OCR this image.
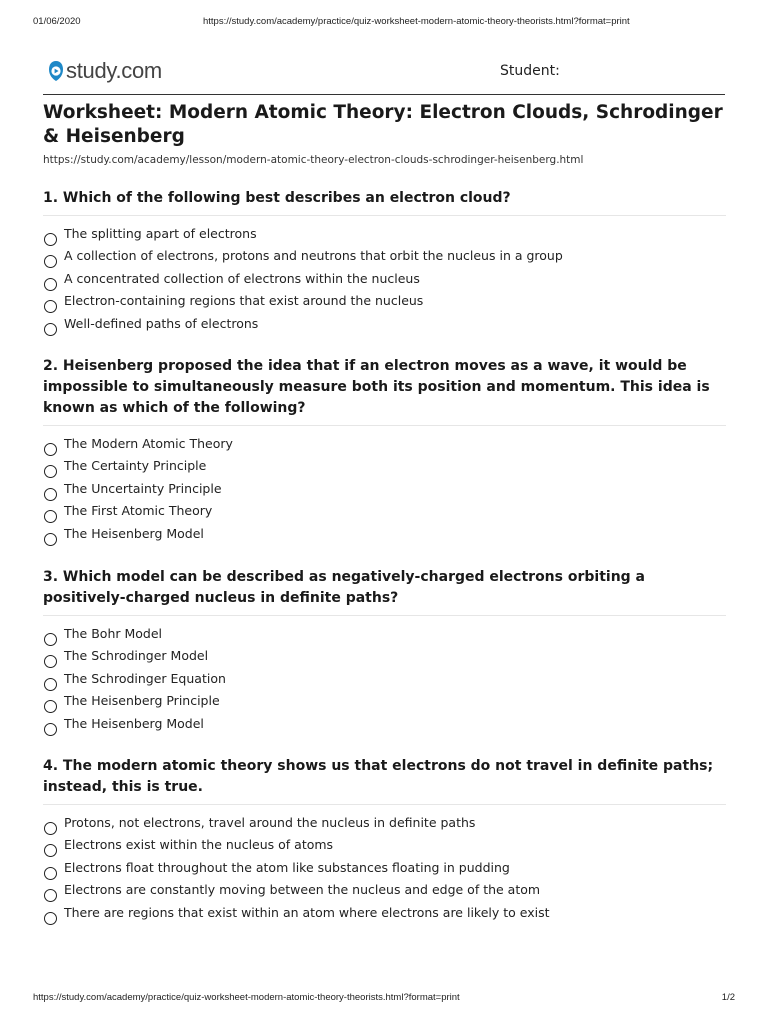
01/06/2020	https://study.com/academy/practice/quiz-worksheet-modern-atomic-theory-theorists.html?format=print
study.com	Student:
Worksheet: Modern Atomic Theory: Electron Clouds, Schrodinger & Heisenberg
https://study.com/academy/lesson/modern-atomic-theory-electron-clouds-schrodinger-heisenberg.html

1. Which of the following best describes an electron cloud?

The splitting apart of electrons
A collection of electrons, protons and neutrons that orbit the nucleus in a group
A concentrated collection of electrons within the nucleus
Electron-containing regions that exist around the nucleus
Well-defined paths of electrons

2. Heisenberg proposed the idea that if an electron moves as a wave, it would be impossible to simultaneously measure both its position and momentum. This idea is known as which of the following?

The Modern Atomic Theory
The Certainty Principle
The Uncertainty Principle
The First Atomic Theory
The Heisenberg Model

3. Which model can be described as negatively-charged electrons orbiting a positively-charged nucleus in definite paths?

The Bohr Model
The Schrodinger Model
The Schrodinger Equation
The Heisenberg Principle
The Heisenberg Model

4. The modern atomic theory shows us that electrons do not travel in definite paths; instead, this is true.

Protons, not electrons, travel around the nucleus in definite paths
Electrons exist within the nucleus of atoms
Electrons float throughout the atom like substances floating in pudding
Electrons are constantly moving between the nucleus and edge of the atom
There are regions that exist within an atom where electrons are likely to exist
https://study.com/academy/practice/quiz-worksheet-modern-atomic-theory-theorists.html?format=print	1/2
